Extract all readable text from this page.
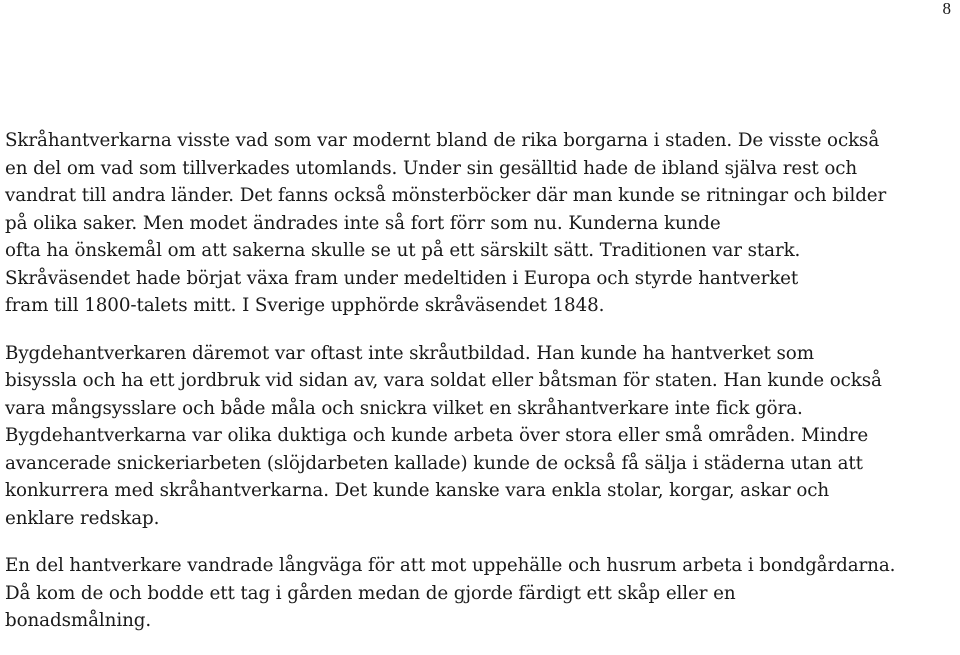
8

Skråhantverkarna visste vad som var modernt bland de rika borgarna i staden. De visste också
en del om vad som tillverkades utomlands. Under sin gesälltid hade de ibland själva rest och
vandrat till andra länder. Det fanns också mönsterböcker där man kunde se ritningar och bilder
på olika saker. Men modet ändrades inte så fort förr som nu. Kunderna kunde
ofta ha önskemål om att sakerna skulle se ut på ett särskilt sätt. Traditionen var stark.
Skråväsendet hade börjat växa fram under medeltiden i Europa och styrde hantverket
fram till 1800-talets mitt. I Sverige upphörde skråväsendet 1848.

Bygdehantverkaren däremot var oftast inte skråutbildad. Han kunde ha hantverket som
bisyssla och ha ett jordbruk vid sidan av, vara soldat eller båtsman för staten. Han kunde också
vara mångsysslare och både måla och snickra vilket en skråhantverkare inte fick göra.
Bygdehantverkarna var olika duktiga och kunde arbeta över stora eller små områden. Mindre
avancerade snickeriarbeten (slöjdarbeten kallade) kunde de också få sälja i städerna utan att
konkurrera med skråhantverkarna. Det kunde kanske vara enkla stolar, korgar, askar och
enklare redskap.

En del hantverkare vandrade långväga för att mot uppehälle och husrum arbeta i bondgårdarna.
Då kom de och bodde ett tag i gården medan de gjorde färdigt ett skåp eller en
bonadsmålning.
